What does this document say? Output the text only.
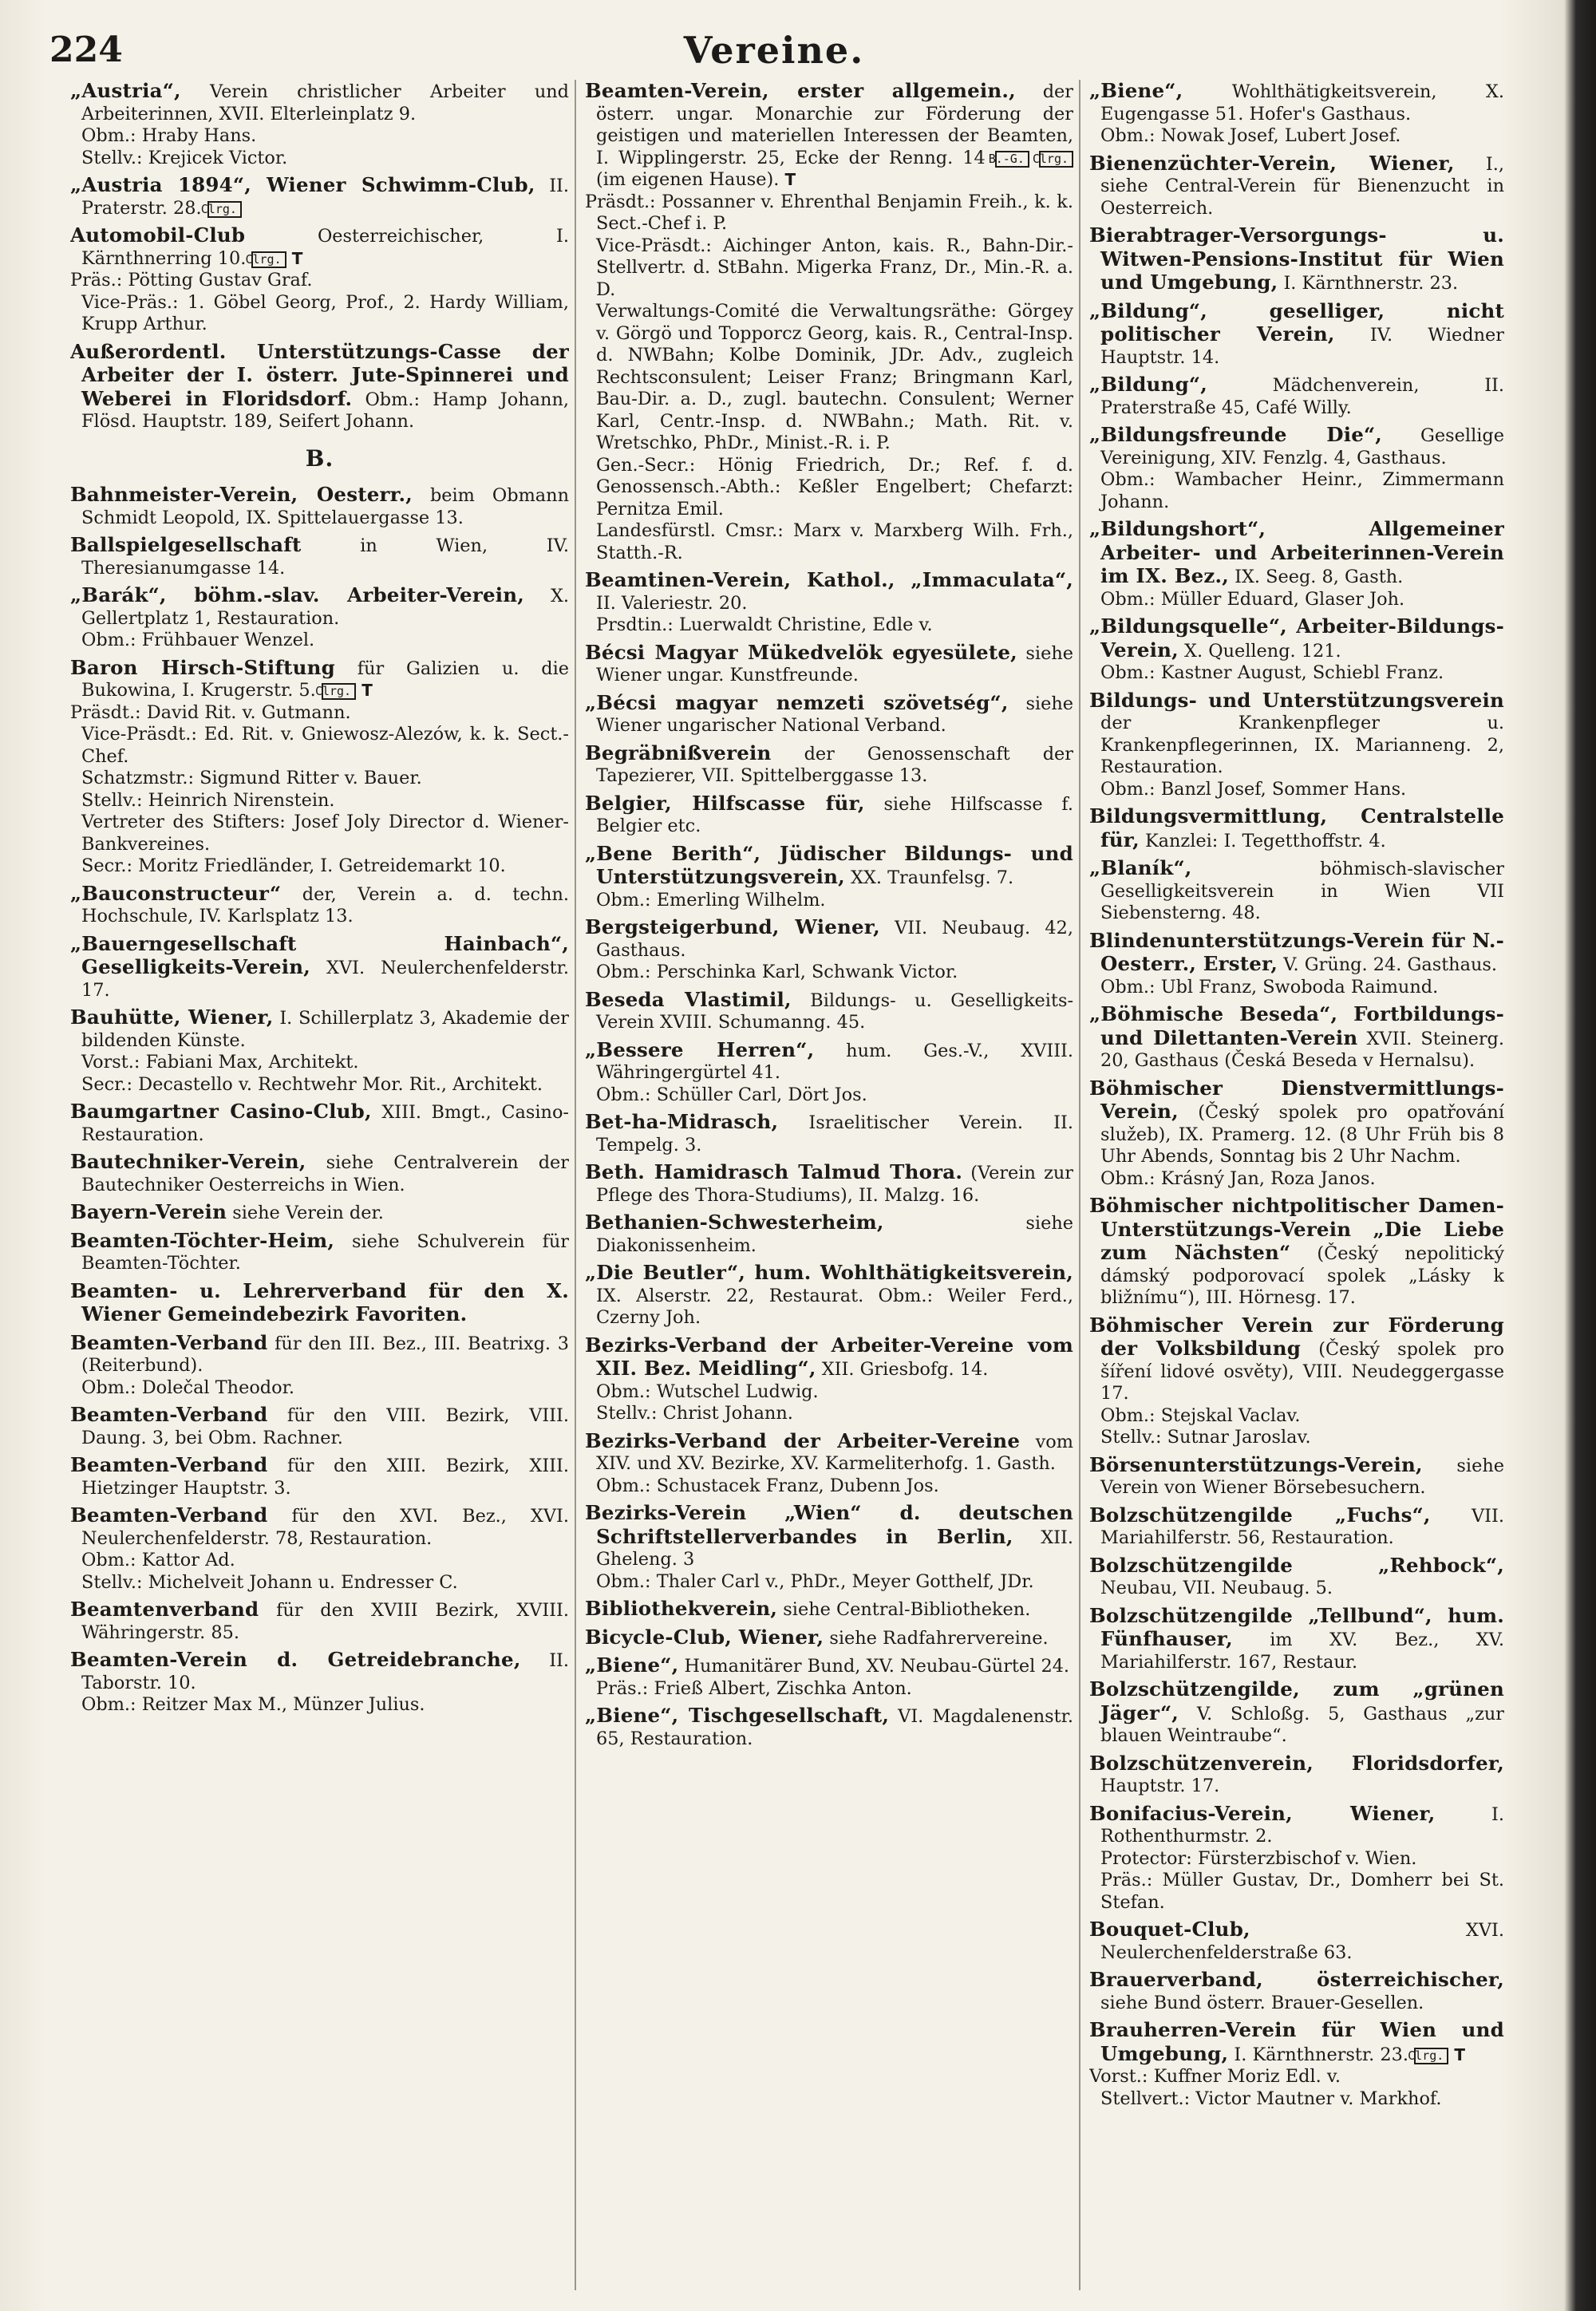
224	Vereine.
„Austria“, Verein christlicher Arbeiter und Arbeiterinnen, XVII. Elterleinplatz 9.
Obm.: Hraby Hans.
Stellv.: Krejicek Victor.
„Austria 1894“, Wiener Schwimm-Club, II. Praterstr. 28. Clrg.
Automobil-Club	Oesterreichischer, I. Kärnthnerring 10. Clrg. T
Präs.: Pötting Gustav Graf.
Vice-Präs.: 1. Göbel Georg, Prof., 2. Hardy William, Krupp Arthur.
Außerordentl. Unterstützungs-Casse der Arbeiter der I. österr. Jute-Spinnerei und Weberei in Floridsdorf. Obm.: Hamp Johann, Flösd. Hauptstr. 189, Seifert Johann.
B.
Bahnmeister-Verein, Oesterr., beim Obmann Schmidt Leopold, IX. Spittelauergasse 13.
Ballspielgesellschaft	in Wien, IV. Theresianumgasse 14.
„Barák“, böhm.-slav. Arbeiter-Verein, X. Gellertplatz 1, Restauration.
Obm.: Frühbauer Wenzel.
Baron Hirsch-Stiftung für Galizien u. die Bukowina, I. Krugerstr. 5. Clrg. T
Präsdt.: David Rit. v. Gutmann.
Vice-Präsdt.: Ed. Rit. v. Gniewosz-Alezów, k. k. Sect.-Chef.
Schatzmstr.: Sigmund Ritter v. Bauer.
Stellv.: Heinrich Nirenstein.
Vertreter des Stifters: Josef Joly Director d. Wiener-Bankvereines.
Secr.: Moritz Friedländer, I. Getreidemarkt 10.
„Bauconstructeur“ der, Verein a. d. techn. Hochschule, IV. Karlsplatz 13.
„Bauerngesellschaft Hainbach“, Geselligkeits-Verein, XVI. Neulerchenfelderstr. 17.
Bauhütte, Wiener, I. Schillerplatz 3, Akademie der bildenden Künste.
Vorst.: Fabiani Max, Architekt.
Secr.: Decastello v. Rechtwehr Mor. Rit., Architekt.
Baumgartner Casino-Club, XIII. Bmgt., Casino-Restauration.
Bautechniker-Verein, siehe Centralverein der Bautechniker Oesterreichs in Wien.
Bayern-Verein siehe Verein der.
Beamten-Töchter-Heim, siehe Schulverein für Beamten-Töchter.
Beamten- u. Lehrerverband für den X. Wiener Gemeindebezirk Favoriten.
Beamten-Verband für den III. Bez., III. Beatrixg. 3 (Reiterbund).
Obm.: Dolečal Theodor.
Beamten-Verband für den VIII. Bezirk, VIII. Daung. 3, bei Obm. Rachner.
Beamten-Verband für den XIII. Bezirk, XIII. Hietzinger Hauptstr. 3.
Beamten-Verband für den XVI. Bez., XVI. Neulerchenfelderstr. 78, Restauration.
Obm.: Kattor Ad.
Stellv.: Michelveit Johann u. Endresser C.
Beamtenverband für den XVIII Bezirk, XVIII. Währingerstr. 85.
Beamten-Verein d. Getreidebranche, II. Taborstr. 10.
Obm.: Reitzer Max M., Münzer Julius.
Beamten-Verein, erster allgemein., der österr. ungar. Monarchie zur Förderung der geistigen und materiellen Interessen der Beamten, I. Wipplingerstr. 25, Ecke der Renng. 14 B.-G. Clrg. (im eigenen Hause). T
Präsdt.: Possanner v. Ehrenthal Benjamin Freih., k. k. Sect.-Chef i. P.
Vice-Präsdt.: Aichinger Anton, kais. R., Bahn-Dir.-Stellvertr. d. StBahn. Migerka Franz, Dr., Min.-R. a. D.
Verwaltungs-Comité die Verwaltungsräthe: Görgey v. Görgö und Topporcz Georg, kais. R., Central-Insp. d. NWBahn; Kolbe Dominik, JDr. Adv., zugleich Rechtsconsulent; Leiser Franz; Bringmann Karl, Bau-Dir. a. D., zugl. bautechn. Consulent; Werner Karl, Centr.-Insp. d. NWBahn.; Math. Rit. v. Wretschko, PhDr., Minist.-R. i. P.
Gen.-Secr.: Hönig Friedrich, Dr.; Ref. f. d. Genossensch.-Abth.: Keßler Engelbert; Chefarzt: Pernitza Emil.
Landesfürstl. Cmsr.: Marx v. Marxberg Wilh. Frh., Statth.-R.
Beamtinen-Verein, Kathol., „Immaculata“, II. Valeriestr. 20.
Prsdtin.: Luerwaldt Christine, Edle v.
Bécsi Magyar Mükedvelök egyesülete, siehe Wiener ungar. Kunstfreunde.
„Bécsi magyar nemzeti szövetség“, siehe Wiener ungarischer National Verband.
Begräbnißverein der Genossenschaft der Tapezierer, VII. Spittelberggasse 13.
Belgier, Hilfscasse für, siehe Hilfscasse f. Belgier etc.
„Bene Berith“, Jüdischer Bildungs- und Unterstützungsverein, XX. Traunfelsg. 7.
Obm.: Emerling Wilhelm.
Bergsteigerbund, Wiener, VII. Neubaug. 42, Gasthaus.
Obm.: Perschinka Karl, Schwank Victor.
Beseda Vlastimil, Bildungs- u. Geselligkeits-Verein XVIII. Schumanng. 45.
„Bessere Herren“, hum. Ges.-V., XVIII. Währingergürtel 41.
Obm.: Schüller Carl, Dört Jos.
Bet-ha-Midrasch, Israelitischer Verein. II. Tempelg. 3.
Beth. Hamidrasch Talmud Thora. (Verein zur Pflege des Thora-Studiums), II. Malzg. 16.
Bethanien-Schwesterheim,	siehe Diakonissenheim.
„Die Beutler“, hum. Wohlthätigkeitsverein, IX. Alserstr. 22, Restaurat. Obm.: Weiler Ferd., Czerny Joh.
Bezirks-Verband der Arbeiter-Vereine vom XII. Bez. Meidling“, XII. Griesbofg. 14.
Obm.: Wutschel Ludwig.
Stellv.: Christ Johann.
Bezirks-Verband der Arbeiter-Vereine vom XIV. und XV. Bezirke, XV. Karmeliterhofg. 1. Gasth.
Obm.: Schustacek Franz, Dubenn Jos.
Bezirks-Verein „Wien“ d. deutschen Schriftstellerverbandes in Berlin, XII. Gheleng. 3
Obm.: Thaler Carl v., PhDr., Meyer Gotthelf, JDr.
Bibliothekverein, siehe Central-Bibliotheken.
Bicycle-Club, Wiener, siehe Radfahrervereine.
„Biene“, Humanitärer Bund, XV. Neubau-Gürtel 24.
Präs.: Frieß Albert, Zischka Anton.
„Biene“, Tischgesellschaft, VI. Magdalenenstr. 65, Restauration.
„Biene“,	Wohlthätigkeitsverein, X. Eugengasse 51. Hofer's Gasthaus.
Obm.: Nowak Josef, Lubert Josef.
Bienenzüchter-Verein, Wiener, I., siehe Central-Verein für Bienenzucht in Oesterreich.
Bierabtrager-Versorgungs- u. Witwen-Pensions-Institut für Wien und Umgebung, I. Kärnthnerstr. 23.
„Bildung“, geselliger, nicht politischer Verein, IV. Wiedner Hauptstr. 14.
„Bildung“,	Mädchenverein, II. Praterstraße 45, Café Willy.
„Bildungsfreunde Die“, Gesellige Vereinigung, XIV. Fenzlg. 4, Gasthaus.
Obm.: Wambacher Heinr., Zimmermann Johann.
„Bildungshort“, Allgemeiner Arbeiter- und Arbeiterinnen-Verein im IX. Bez., IX. Seeg. 8, Gasth.
Obm.: Müller Eduard, Glaser Joh.
„Bildungsquelle“, Arbeiter-Bildungs-Verein, X. Quelleng. 121.
Obm.: Kastner August, Schiebl Franz.
Bildungs- und Unterstützungsverein der Krankenpfleger u. Krankenpflegerinnen, IX. Marianneng. 2, Restauration.
Obm.: Banzl Josef, Sommer Hans.
Bildungsvermittlung, Centralstelle für, Kanzlei: I. Tegetthoffstr. 4.
„Blaník“,	böhmisch-slavischer Geselligkeitsverein in Wien VII Siebensterng. 48.
Blindenunterstützungs-Verein für N.-Oesterr., Erster, V. Grüng. 24. Gasthaus.
Obm.: Ubl Franz, Swoboda Raimund.
„Böhmische Beseda“, Fortbildungs- und Dilettanten-Verein XVII. Steinerg. 20, Gasthaus (Česká Beseda v Hernalsu).
Böhmischer Dienstvermittlungs-Verein, (Český spolek pro opatřování služeb), IX. Pramerg. 12. (8 Uhr Früh bis 8 Uhr Abends, Sonntag bis 2 Uhr Nachm.
Obm.: Krásný Jan, Roza Janos.
Böhmischer nichtpolitischer Damen-Unterstützungs-Verein „Die Liebe zum Nächsten“ (Český nepolitický dámský podporovací spolek „Lásky k bližnímu“), III. Hörnesg. 17.
Böhmischer Verein zur Förderung der Volksbildung (Český spolek pro šíření lidové osvěty), VIII. Neudeggergasse 17.
Obm.: Stejskal Vaclav.
Stellv.: Sutnar Jaroslav.
Börsenunterstützungs-Verein, siehe Verein von Wiener Börsebesuchern.
Bolzschützengilde „Fuchs“, VII. Mariahilferstr. 56, Restauration.
Bolzschützengilde „Rehbock“, Neubau, VII. Neubaug. 5.
Bolzschützengilde „Tellbund“, hum. Fünfhauser, im XV. Bez., XV. Mariahilferstr. 167, Restaur.
Bolzschützengilde, zum „grünen Jäger“, V. Schloßg. 5, Gasthaus „zur blauen Weintraube“.
Bolzschützenverein, Floridsdorfer, Hauptstr. 17.
Bonifacius-Verein, Wiener,	I. Rothenthurmstr. 2.
Protector: Fürsterzbischof v. Wien.
Präs.: Müller Gustav, Dr., Domherr bei St. Stefan.
Bouquet-Club,	XVI. Neulerchenfelderstraße 63.
Brauerverband, österreichischer, siehe Bund österr. Brauer-Gesellen.
Brauherren-Verein für Wien und Umgebung, I. Kärnthnerstr. 23. Clrg. T
Vorst.: Kuffner Moriz Edl. v.
Stellvert.: Victor Mautner v. Markhof.
